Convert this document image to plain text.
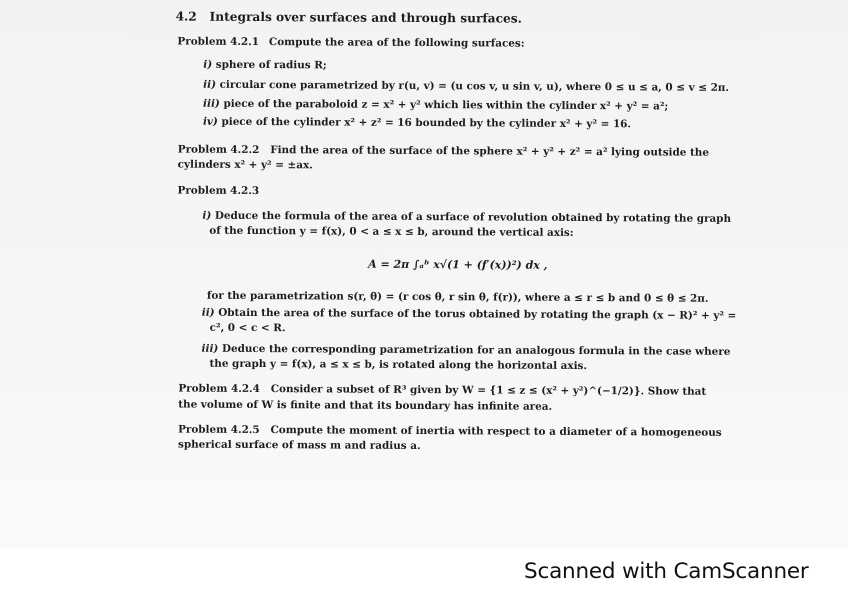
4.2 Integrals over surfaces and through surfaces.
Problem 4.2.1 Compute the area of the following surfaces:
i) sphere of radius R;
ii) circular cone parametrized by r(u, v) = (u cos v, u sin v, u), where 0 ≤ u ≤ a, 0 ≤ v ≤ 2π.
iii) piece of the paraboloid z = x² + y² which lies within the cylinder x² + y² = a²;
iv) piece of the cylinder x² + z² = 16 bounded by the cylinder x² + y² = 16.
Problem 4.2.2 Find the area of the surface of the sphere x² + y² + z² = a² lying outside the
cylinders x² + y² = ±ax.
Problem 4.2.3
i) Deduce the formula of the area of a surface of revolution obtained by rotating the graph
of the function y = f(x), 0 < a ≤ x ≤ b, around the vertical axis:
A = 2π ∫ₐᵇ x√(1 + (f′(x))²) dx ,
for the parametrization s(r, θ) = (r cos θ, r sin θ, f(r)), where a ≤ r ≤ b and 0 ≤ θ ≤ 2π.
ii) Obtain the area of the surface of the torus obtained by rotating the graph (x − R)² + y² =
c², 0 < c < R.
iii) Deduce the corresponding parametrization for an analogous formula in the case where
the graph y = f(x), a ≤ x ≤ b, is rotated along the horizontal axis.
Problem 4.2.4 Consider a subset of R³ given by W = {1 ≤ z ≤ (x² + y²)^(−1/2)}. Show that
the volume of W is finite and that its boundary has infinite area.
Problem 4.2.5 Compute the moment of inertia with respect to a diameter of a homogeneous
spherical surface of mass m and radius a.
Scanned with CamScanner
